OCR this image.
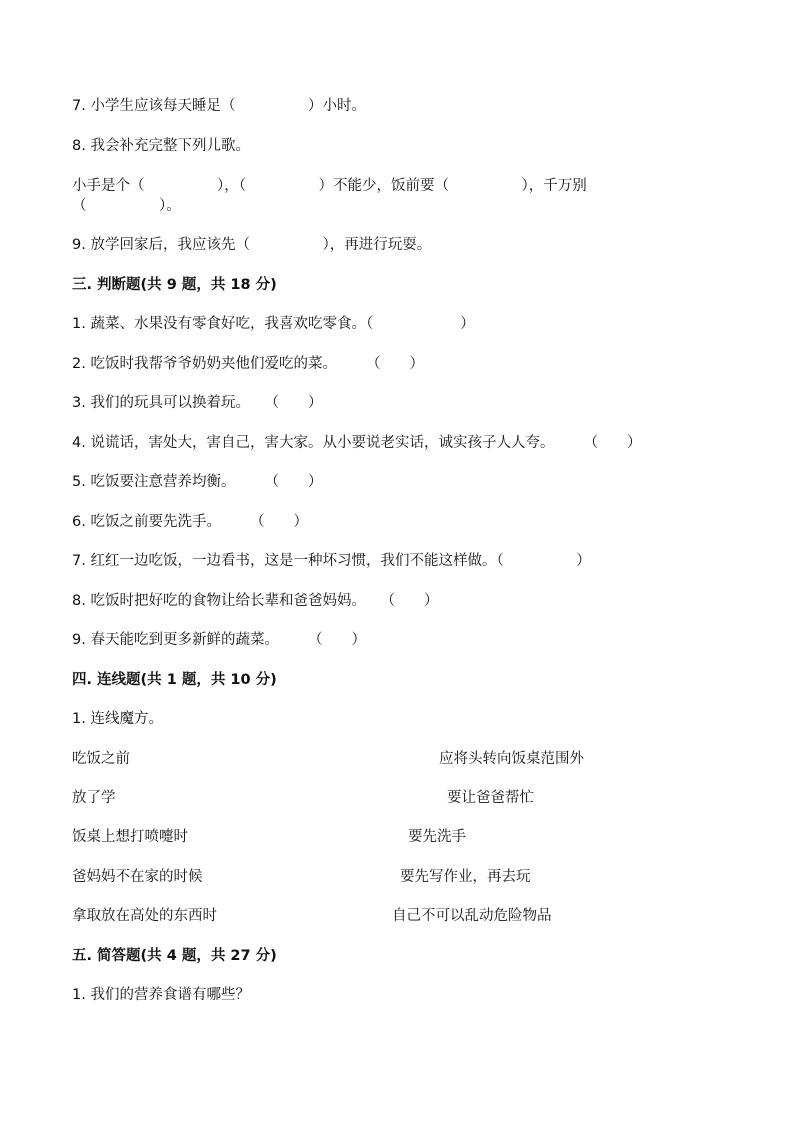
7. 小学生应该每天睡足（　　　　　）小时。
8. 我会补充完整下列儿歌。
小手是个（　　　　　），（　　　　　）不能少，饭前要（　　　　　），千万别
（　　　　　）。
9. 放学回家后，我应该先（　　　　　），再进行玩耍。
三. 判断题(共 9 题，共 18 分)
1. 蔬菜、水果没有零食好吃，我喜欢吃零食。（　　　　　　）
2. 吃饭时我帮爷爷奶奶夹他们爱吃的菜。　　　（　　）
3. 我们的玩具可以换着玩。　　（　　）
4. 说谎话，害处大，害自己，害大家。从小要说老实话，诚实孩子人人夸。　　　（　　）
5. 吃饭要注意营养均衡。　　　（　　）
6. 吃饭之前要先洗手。　　　（　　）
7. 红红一边吃饭，一边看书，这是一种坏习惯，我们不能这样做。（　　　　　）
8. 吃饭时把好吃的食物让给长辈和爸爸妈妈。　　（　　）
9. 春天能吃到更多新鲜的蔬菜。　　　（　　）
四. 连线题(共 1 题，共 10 分)
1. 连线魔方。
吃饭之前	应将头转向饭桌范围外
放了学	要让爸爸帮忙
饭桌上想打喷嚏时	要先洗手
爸妈妈不在家的时候	要先写作业，再去玩
拿取放在高处的东西时	自己不可以乱动危险物品
五. 简答题(共 4 题，共 27 分)
1. 我们的营养食谱有哪些？
